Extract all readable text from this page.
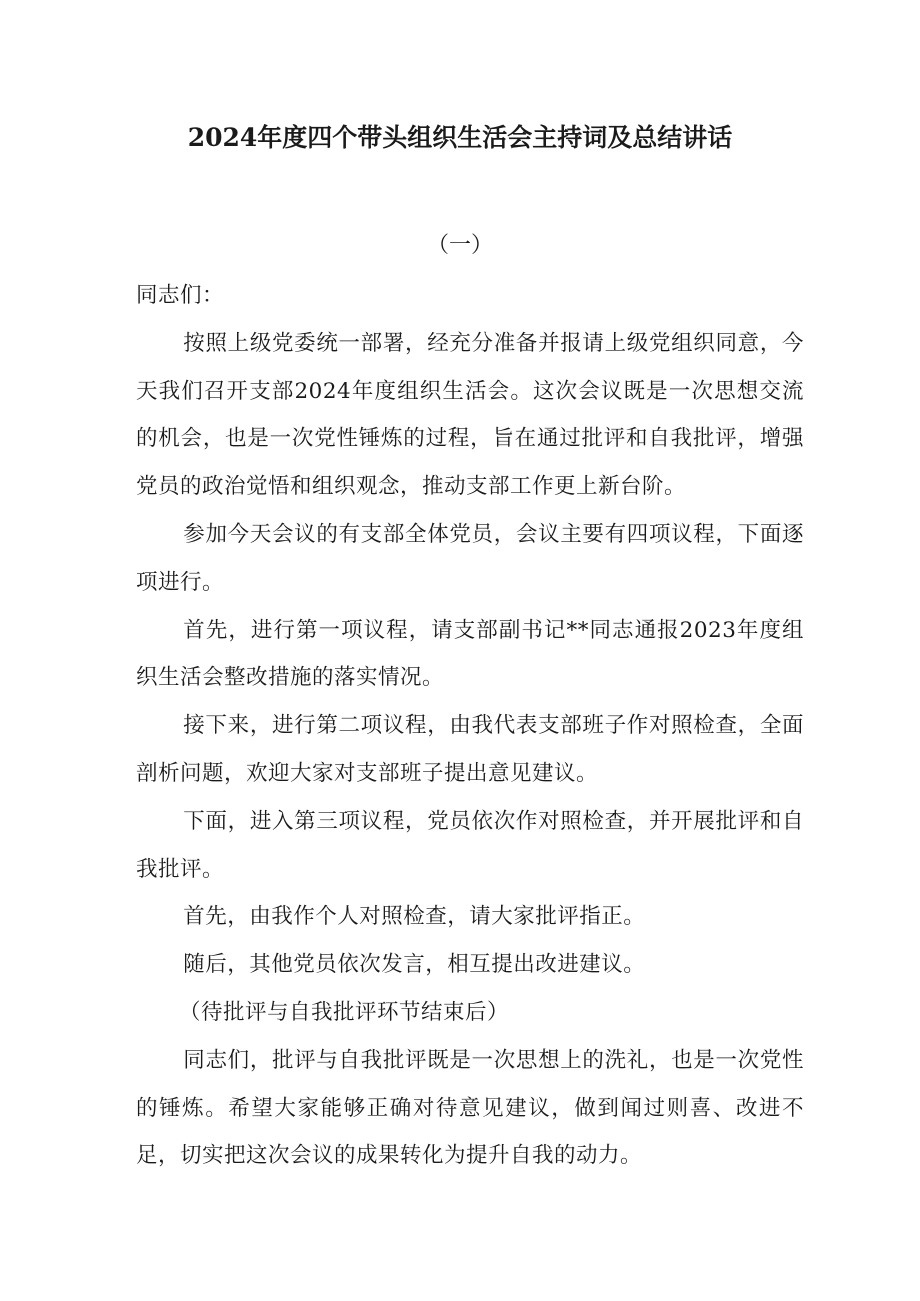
2024年度四个带头组织生活会主持词及总结讲话
（一）

同志们：

按照上级党委统一部署，经充分准备并报请上级党组织同意，今天我们召开支部2024年度组织生活会。这次会议既是一次思想交流的机会，也是一次党性锤炼的过程，旨在通过批评和自我批评，增强党员的政治觉悟和组织观念，推动支部工作更上新台阶。

参加今天会议的有支部全体党员，会议主要有四项议程，下面逐项进行。

首先，进行第一项议程，请支部副书记**同志通报2023年度组织生活会整改措施的落实情况。

接下来，进行第二项议程，由我代表支部班子作对照检查，全面剖析问题，欢迎大家对支部班子提出意见建议。

下面，进入第三项议程，党员依次作对照检查，并开展批评和自我批评。

首先，由我作个人对照检查，请大家批评指正。

随后，其他党员依次发言，相互提出改进建议。

（待批评与自我批评环节结束后）

同志们，批评与自我批评既是一次思想上的洗礼，也是一次党性的锤炼。希望大家能够正确对待意见建议，做到闻过则喜、改进不足，切实把这次会议的成果转化为提升自我的动力。
